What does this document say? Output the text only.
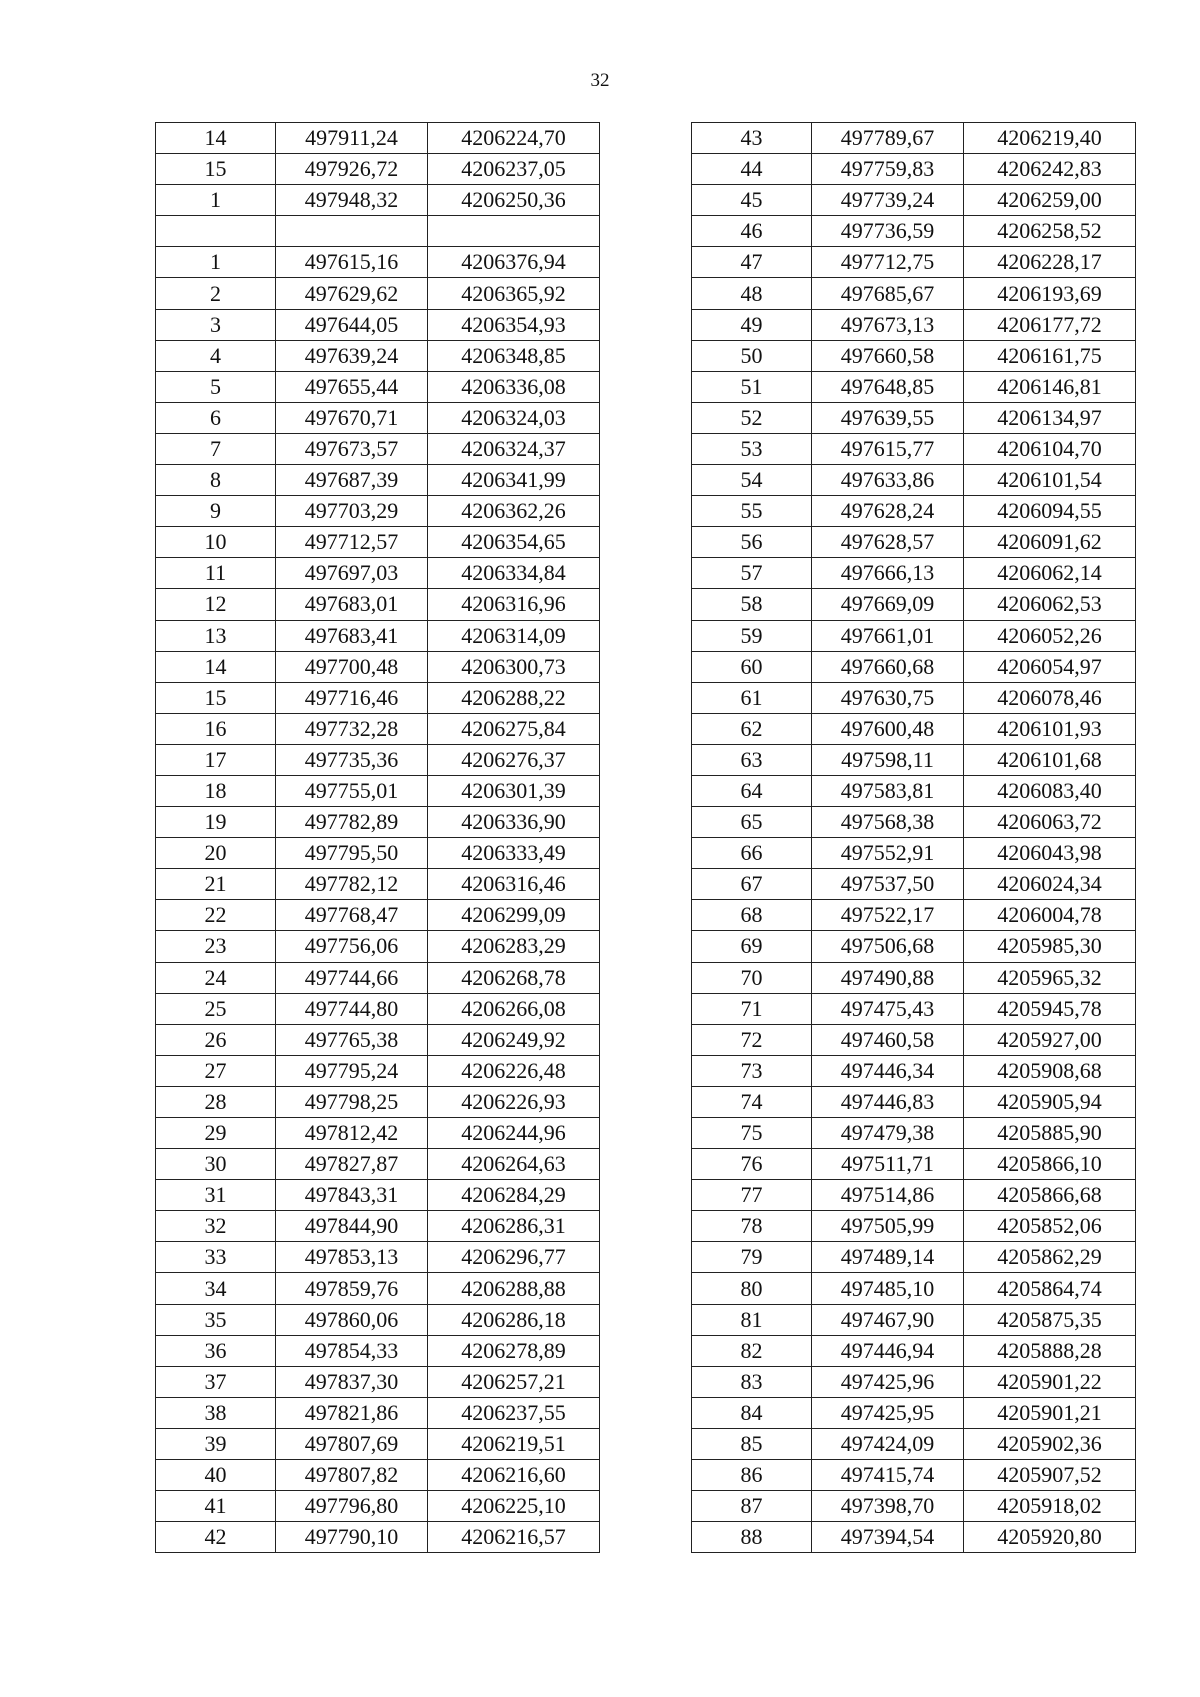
32
14	497911,24	4206224,70
15	497926,72	4206237,05
1	497948,32	4206250,36

1	497615,16	4206376,94
2	497629,62	4206365,92
3	497644,05	4206354,93
4	497639,24	4206348,85
5	497655,44	4206336,08
6	497670,71	4206324,03
7	497673,57	4206324,37
8	497687,39	4206341,99
9	497703,29	4206362,26
10	497712,57	4206354,65
11	497697,03	4206334,84
12	497683,01	4206316,96
13	497683,41	4206314,09
14	497700,48	4206300,73
15	497716,46	4206288,22
16	497732,28	4206275,84
17	497735,36	4206276,37
18	497755,01	4206301,39
19	497782,89	4206336,90
20	497795,50	4206333,49
21	497782,12	4206316,46
22	497768,47	4206299,09
23	497756,06	4206283,29
24	497744,66	4206268,78
25	497744,80	4206266,08
26	497765,38	4206249,92
27	497795,24	4206226,48
28	497798,25	4206226,93
29	497812,42	4206244,96
30	497827,87	4206264,63
31	497843,31	4206284,29
32	497844,90	4206286,31
33	497853,13	4206296,77
34	497859,76	4206288,88
35	497860,06	4206286,18
36	497854,33	4206278,89
37	497837,30	4206257,21
38	497821,86	4206237,55
39	497807,69	4206219,51
40	497807,82	4206216,60
41	497796,80	4206225,10
42	497790,10	4206216,57
43	497789,67	4206219,40
44	497759,83	4206242,83
45	497739,24	4206259,00
46	497736,59	4206258,52
47	497712,75	4206228,17
48	497685,67	4206193,69
49	497673,13	4206177,72
50	497660,58	4206161,75
51	497648,85	4206146,81
52	497639,55	4206134,97
53	497615,77	4206104,70
54	497633,86	4206101,54
55	497628,24	4206094,55
56	497628,57	4206091,62
57	497666,13	4206062,14
58	497669,09	4206062,53
59	497661,01	4206052,26
60	497660,68	4206054,97
61	497630,75	4206078,46
62	497600,48	4206101,93
63	497598,11	4206101,68
64	497583,81	4206083,40
65	497568,38	4206063,72
66	497552,91	4206043,98
67	497537,50	4206024,34
68	497522,17	4206004,78
69	497506,68	4205985,30
70	497490,88	4205965,32
71	497475,43	4205945,78
72	497460,58	4205927,00
73	497446,34	4205908,68
74	497446,83	4205905,94
75	497479,38	4205885,90
76	497511,71	4205866,10
77	497514,86	4205866,68
78	497505,99	4205852,06
79	497489,14	4205862,29
80	497485,10	4205864,74
81	497467,90	4205875,35
82	497446,94	4205888,28
83	497425,96	4205901,22
84	497425,95	4205901,21
85	497424,09	4205902,36
86	497415,74	4205907,52
87	497398,70	4205918,02
88	497394,54	4205920,80
